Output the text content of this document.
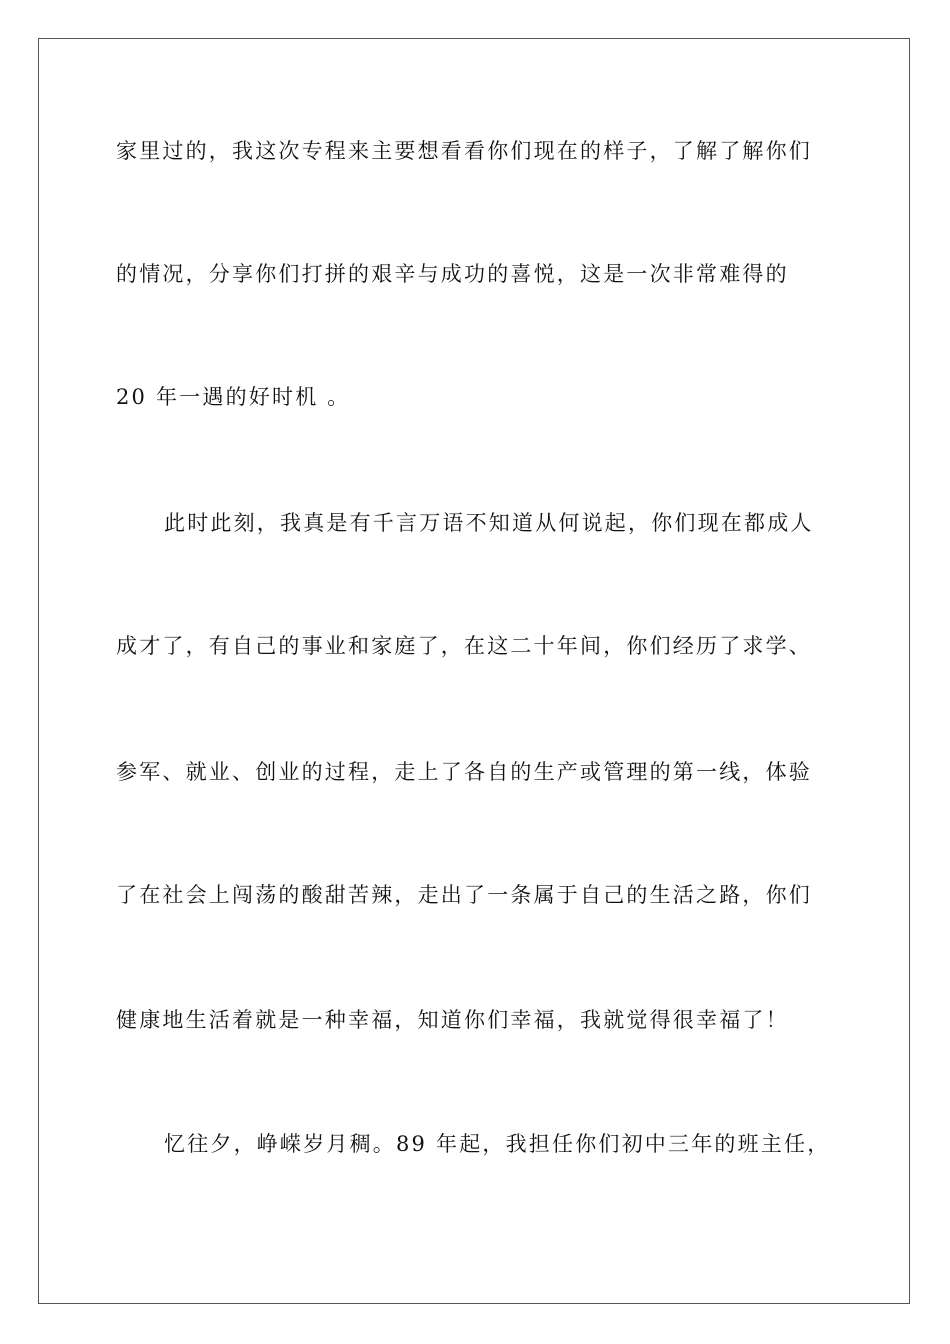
家里过的，我这次专程来主要想看看你们现在的样子，了解了解你们
的情况，分享你们打拼的艰辛与成功的喜悦，这是一次非常难得的
20 年一遇的好时机 。
此时此刻，我真是有千言万语不知道从何说起，你们现在都成人
成才了，有自己的事业和家庭了，在这二十年间，你们经历了求学、
参军、就业、创业的过程，走上了各自的生产或管理的第一线，体验
了在社会上闯荡的酸甜苦辣，走出了一条属于自己的生活之路，你们
健康地生活着就是一种幸福，知道你们幸福，我就觉得很幸福了！
忆往夕，峥嵘岁月稠。89 年起，我担任你们初中三年的班主任，
